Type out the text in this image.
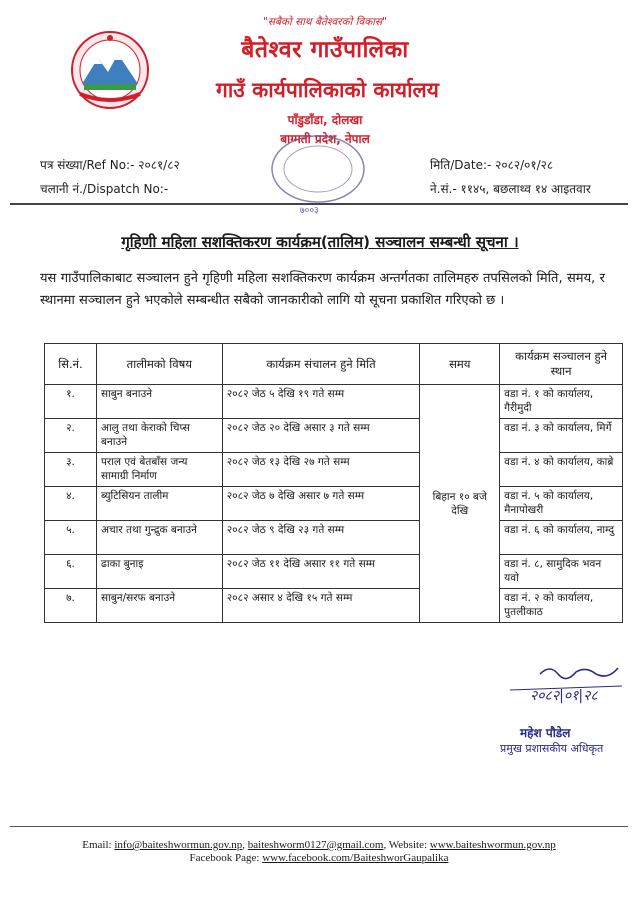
"सबैको साथ बैतेश्वरको विकास"
बैतेश्वर गाउँपालिका
गाउँ कार्यपालिकाको कार्यालय
पाँडुडाँडा, दोलखा
बाग्मती प्रदेश, नेपाल
पत्र संख्या/Ref No:- २०८१/८२
चलानी नं./Dispatch No:-
मिति/Date:- २०८२/०१/२८
ने.सं.- ११४५, बछलाथ्व १४ आइतवार
७००३
गृहिणी महिला सशक्तिकरण कार्यक्रम(तालिम) सञ्चालन सम्बन्धी सूचना ।
यस गाउँपालिकाबाट सञ्चालन हुने गृहिणी महिला सशक्तिकरण कार्यक्रम अन्तर्गतका तालिमहरु तपसिलको मिति, समय, र स्थानमा सञ्चालन हुने भएकोले सम्बन्धीत सबैको जानकारीको लागि यो सूचना प्रकाशित गरिएको छ ।
सि.नं.	तालीमको विषय	कार्यक्रम संचालन हुने मिति	समय	कार्यक्रम सञ्चालन हुने स्थान
१.	साबुन बनाउने	२०८२ जेठ ५ देखि १९ गते सम्म	बिहान १० बजे देखि	वडा नं. १ को कार्यालय, गैरीमुदी
२.	आलु तथा केराको चिप्स बनाउने	२०८२ जेठ २० देखि असार ३ गते सम्म		वडा नं. ३ को कार्यालय, मिर्गे
३.	पराल एवं बेतबाँस जन्य सामाग्री निर्माण	२०८२ जेठ १३ देखि २७ गते सम्म		वडा नं. ४ को कार्यालय, काब्रे
४.	ब्युटिसियन तालीम	२०८२ जेठ ७ देखि असार ७ गते सम्म		वडा नं. ५ को कार्यालय, मैनापोखरी
५.	अचार तथा गुन्द्रुक बनाउने	२०८२ जेठ ९ देखि २३ गते सम्म		वडा नं. ६ को कार्यालय, नाम्दु
६.	ढाका बुनाइ	२०८२ जेठ ११ देखि असार ११ गते सम्म		वडा नं. ८, सामुदिक भवन यवो
७.	साबुन/सरफ बनाउने	२०८२ असार ४ देखि १५ गते सम्म		वडा नं. २ को कार्यालय, पुतलीकाठ
२०८२|०१|२८
महेश पौडेल
प्रमुख प्रशासकीय अधिकृत
Email: info@baiteshwormun.gov.np, baiteshworm0127@gmail.com, Website: www.baiteshwormun.gov.np
Facebook Page: www.facebook.com/BaiteshworGaupalika
